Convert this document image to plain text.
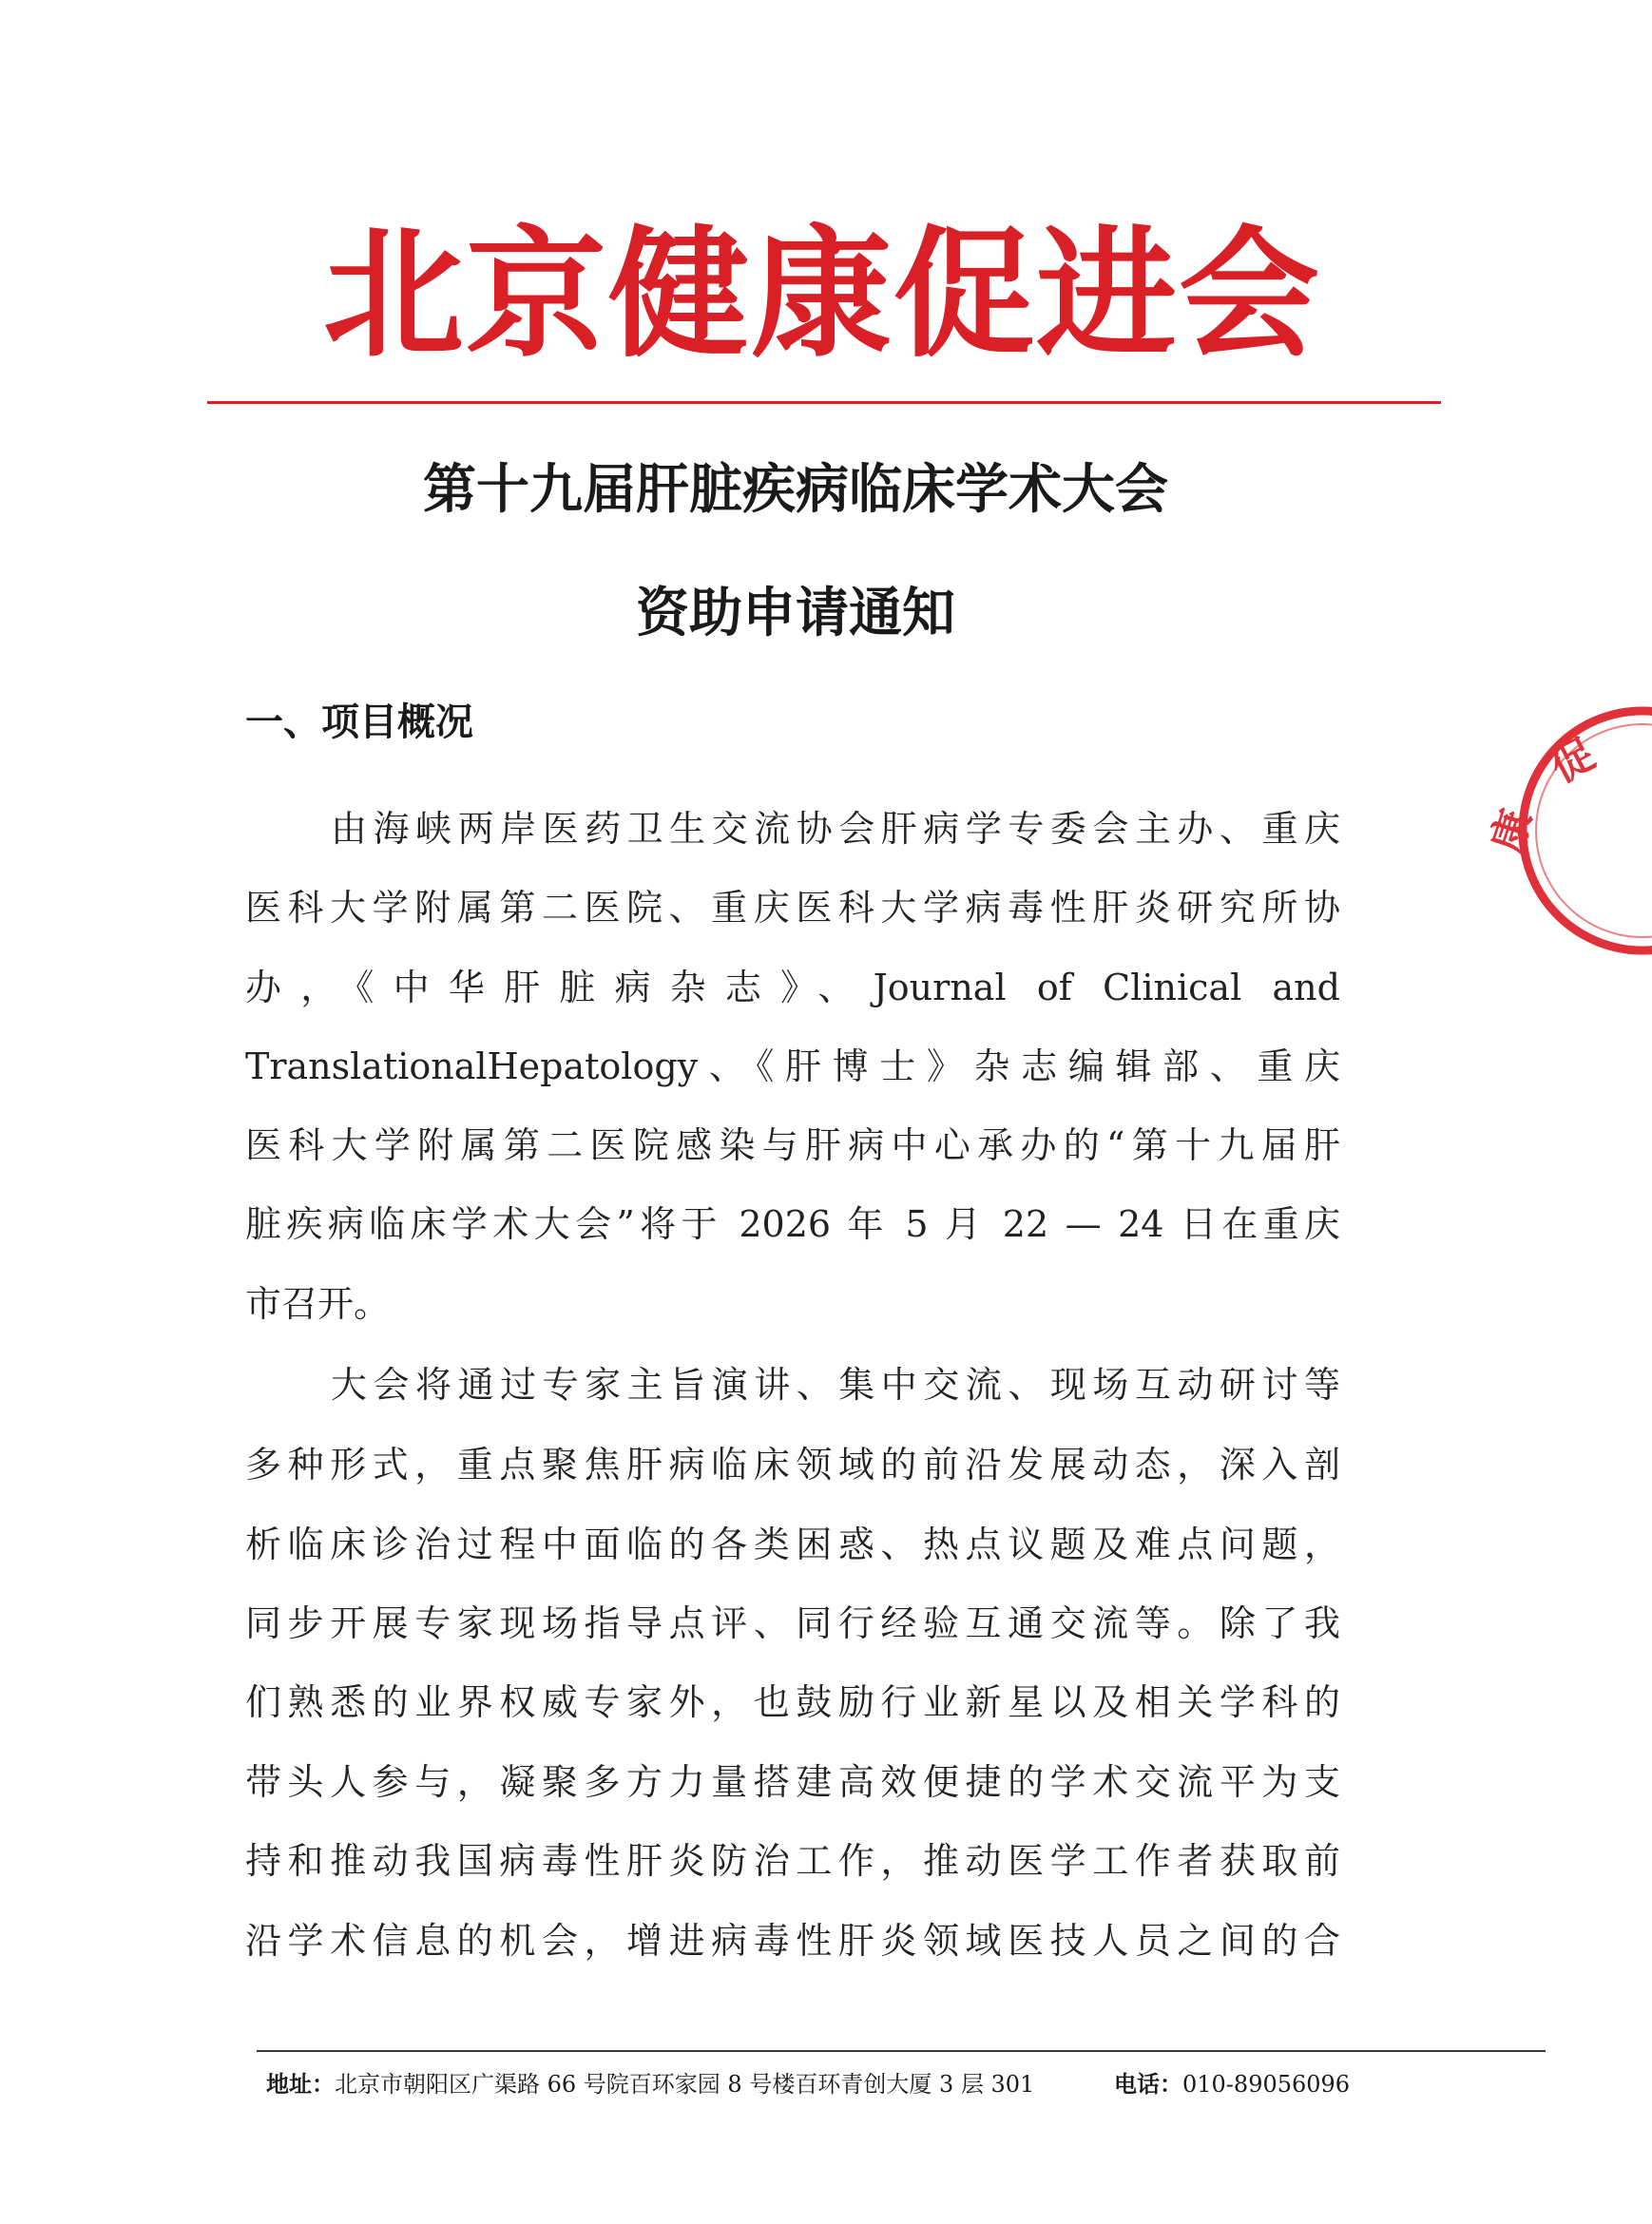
北京健康促进会
第十九届肝脏疾病临床学术大会
资助申请通知
一、项目概况
由海峡两岸医药卫生交流协会肝病学专委会主办、重庆
医科大学附属第二医院、重庆医科大学病毒性肝炎研究所协
办，《中华肝脏病杂志》、Journal of Clinical and
TranslationalHepatology、《肝博士》杂志编辑部、重庆
医科大学附属第二医院感染与肝病中心承办的“第十九届肝
脏疾病临床学术大会”将于 2026 年 5 月 22 — 24 日在重庆
市召开。
大会将通过专家主旨演讲、集中交流、现场互动研讨等
多种形式，重点聚焦肝病临床领域的前沿发展动态，深入剖
析临床诊治过程中面临的各类困惑、热点议题及难点问题，
同步开展专家现场指导点评、同行经验互通交流等。除了我
们熟悉的业界权威专家外，也鼓励行业新星以及相关学科的
带头人参与，凝聚多方力量搭建高效便捷的学术交流平为支
持和推动我国病毒性肝炎防治工作，推动医学工作者获取前
沿学术信息的机会，增进病毒性肝炎领域医技人员之间的合
地址：北京市朝阳区广渠路 66 号院百环家园 8 号楼百环青创大厦 3 层 301	电话：010-89056096
促
康
